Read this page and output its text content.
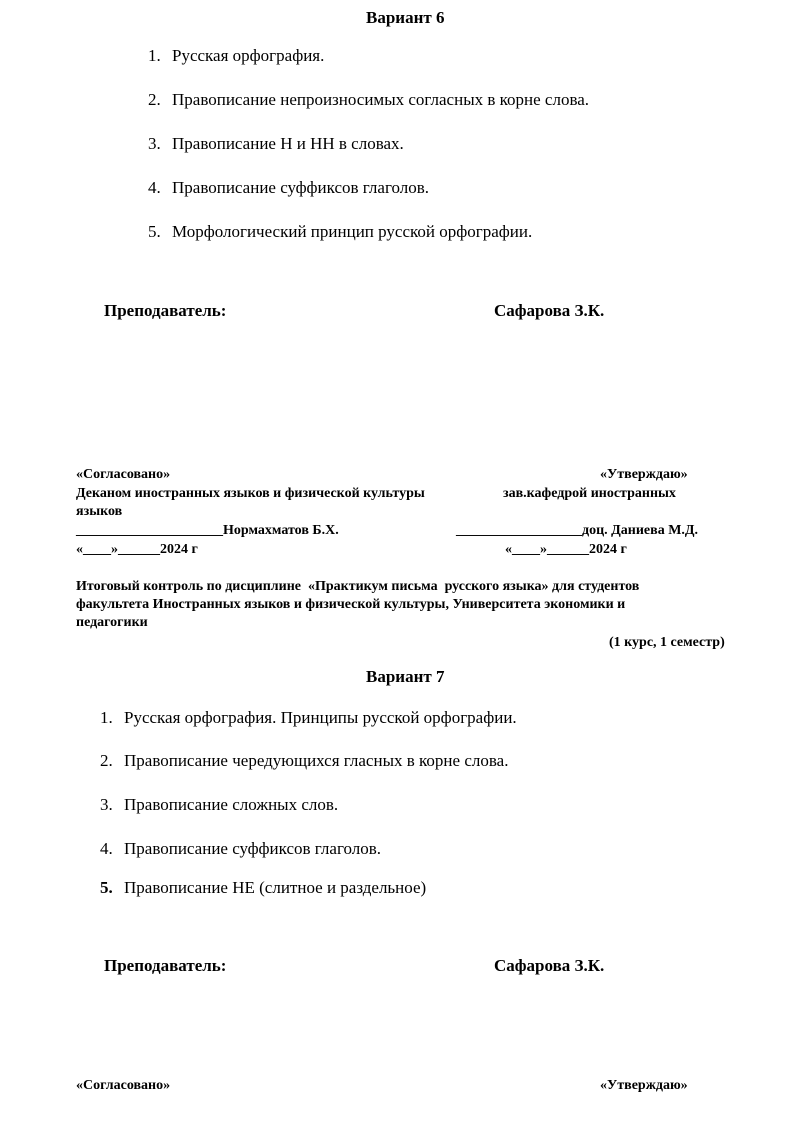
Вариант 6
1. Русская орфография.
2. Правописание непроизносимых согласных в корне слова.
3. Правописание Н и НН в словах.
4. Правописание суффиксов глаголов.
5. Морфологический принцип русской орфографии.
Преподаватель:	Сафарова З.К.
«Согласовано»	«Утверждаю»
Деканом иностранных языков и физической культуры	зав.кафедрой иностранных
языков
_____________________Нормахматов Б.Х.	__________________доц. Даниева М.Д.
«____»______2024 г	«____»______2024 г
Итоговый контроль по дисциплине  «Практикум письма  русского языка» для студентов
факультета Иностранных языков и физической культуры, Университета экономики и
педагогики
(1 курс, 1 семестр)
Вариант 7
1. Русская орфография. Принципы русской орфографии.
2. Правописание чередующихся гласных в корне слова.
3. Правописание сложных слов.
4. Правописание суффиксов глаголов.
5. Правописание НЕ (слитное и раздельное)
Преподаватель:	Сафарова З.К.
«Согласовано»	«Утверждаю»
